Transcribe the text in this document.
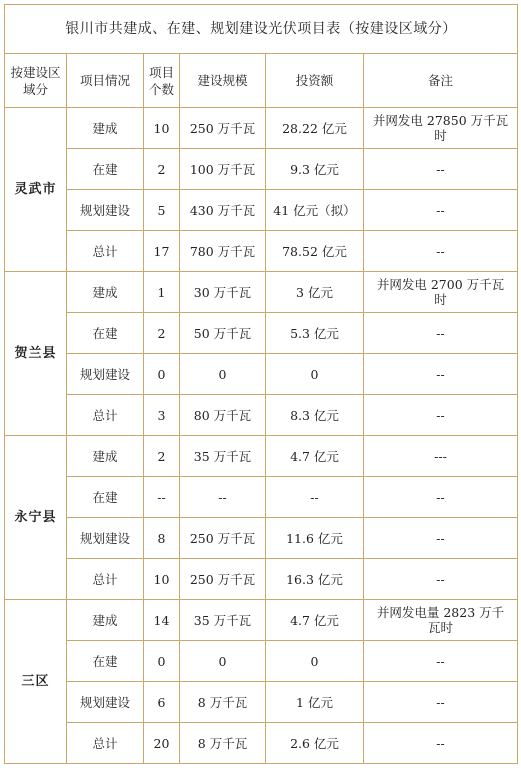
银川市共建成、在建、规划建设光伏项目表（按建设区域分）					
按建设区域分	项目情况	项目个数	建设规模	投资额	备注
灵武市	建成	10	250 万千瓦	28.22 亿元	并网发电 27850 万千瓦时
	在建	2	100 万千瓦	9.3 亿元	--
	规划建设	5	430 万千瓦	41 亿元（拟）	--
	总计	17	780 万千瓦	78.52 亿元	--
贺兰县	建成	1	30 万千瓦	3 亿元	并网发电 2700 万千瓦时
	在建	2	50 万千瓦	5.3 亿元	--
	规划建设	0	0	0	--
	总计	3	80 万千瓦	8.3 亿元	--
永宁县	建成	2	35 万千瓦	4.7 亿元	---
	在建	--	--	--	--
	规划建设	8	250 万千瓦	11.6 亿元	--
	总计	10	250 万千瓦	16.3 亿元	--
三区	建成	14	35 万千瓦	4.7 亿元	并网发电量 2823 万千瓦时
	在建	0	0	0	--
	规划建设	6	8 万千瓦	1 亿元	--
	总计	20	8 万千瓦	2.6 亿元	--
